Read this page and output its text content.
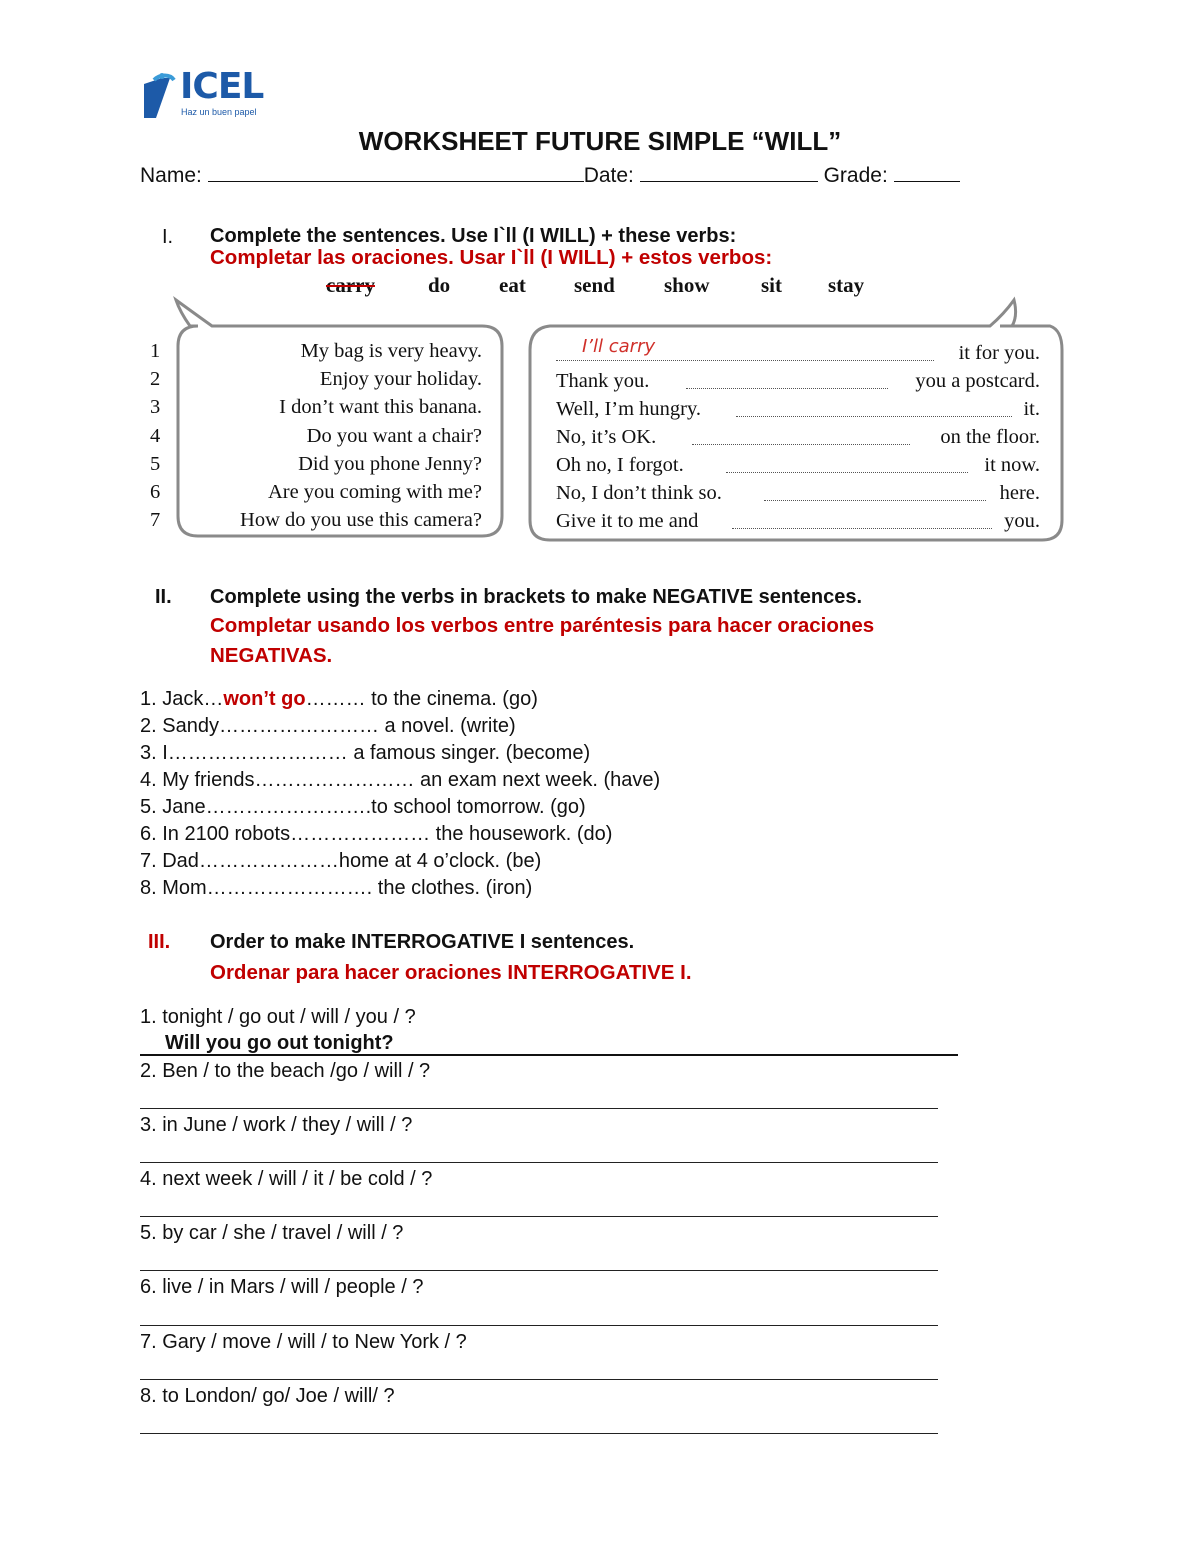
ICEL
Haz un buen papel
WORKSHEET FUTURE SIMPLE “WILL”
Name:	Date:	Grade:
I. Complete the sentences. Use I`ll (I WILL) + these verbs:
Completar las oraciones. Usar I`ll (I WILL) + estos verbos:
carry	do eat send show sit stay
1	My bag is very heavy.	I’ll carry	it for you.
2	Enjoy your holiday.	Thank you.	you a postcard.
3	I don’t want this banana.	Well, I’m hungry.	it.
4	Do you want a chair?	No, it’s OK.	on the floor.
5	Did you phone Jenny?	Oh no, I forgot.	it now.
6	Are you coming with me?	No, I don’t think so.	here.
7	How do you use this camera?	Give it to me and	you.
II. Complete using the verbs in brackets to make NEGATIVE sentences.
Completar usando los verbos entre paréntesis para hacer oraciones
NEGATIVAS.
1. Jack…won’t go……… to the cinema. (go)
2. Sandy…………………… a novel. (write)
3. I……………………… a famous singer. (become)
4. My friends…………………… an exam next week. (have)
5. Jane…………………….to school tomorrow. (go)
6. In 2100 robots………………… the housework. (do)
7. Dad…………………home at 4 o’clock. (be)
8. Mom……………………. the clothes. (iron)
III. Order to make INTERROGATIVE I sentences.
Ordenar para hacer oraciones INTERROGATIVE I.
1. tonight / go out / will / you / ?
Will you go out tonight?
2. Ben / to the beach /go / will / ?
3. in June / work / they / will / ?
4. next week / will / it / be cold / ?
5. by car / she / travel / will / ?
6. live / in Mars / will / people / ?
7. Gary / move / will / to New York / ?
8. to London/ go/ Joe / will/ ?
